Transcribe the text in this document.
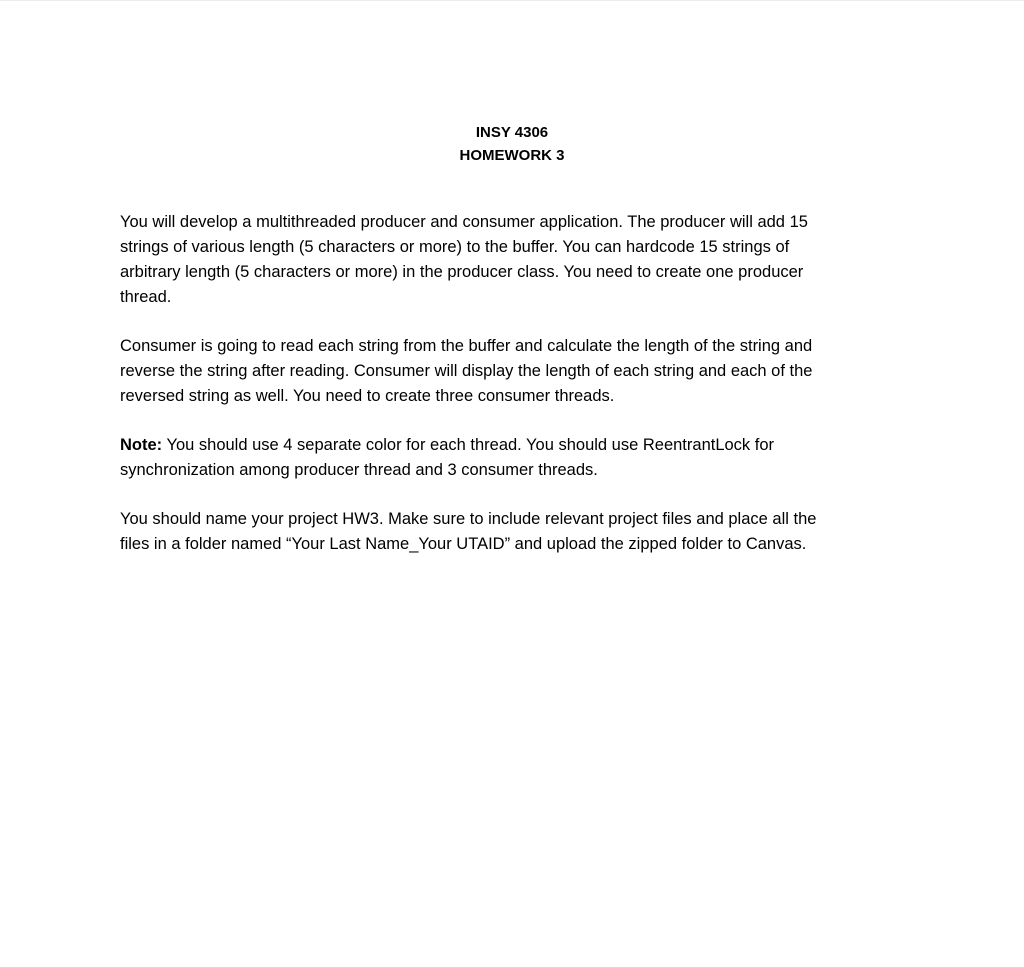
INSY 4306
HOMEWORK 3

You will develop a multithreaded producer and consumer application. The producer will add 15
strings of various length (5 characters or more) to the buffer. You can hardcode 15 strings of
arbitrary length (5 characters or more) in the producer class. You need to create one producer
thread.

Consumer is going to read each string from the buffer and calculate the length of the string and
reverse the string after reading. Consumer will display the length of each string and each of the
reversed string as well. You need to create three consumer threads.

Note: You should use 4 separate color for each thread. You should use ReentrantLock for
synchronization among producer thread and 3 consumer threads.

You should name your project HW3. Make sure to include relevant project files and place all the
files in a folder named “Your Last Name_Your UTAID” and upload the zipped folder to Canvas.
